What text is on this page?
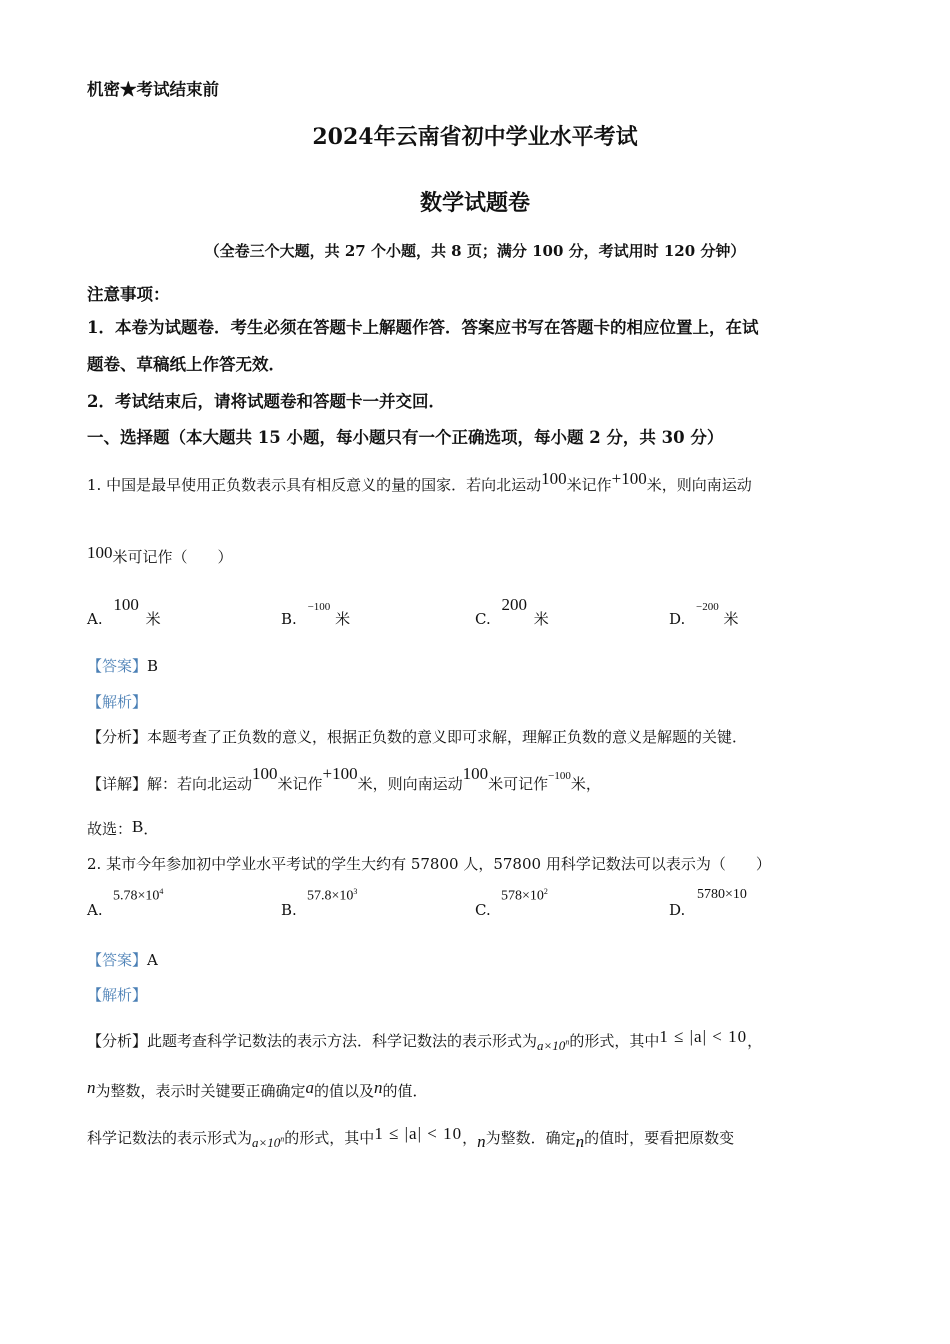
机密★考试结束前
2024年云南省初中学业水平考试
数学试题卷
（全卷三个大题，共 27 个小题，共 8 页；满分 100 分，考试用时 120 分钟）
注意事项：
1．本卷为试题卷．考生必须在答题卡上解题作答．答案应书写在答题卡的相应位置上，在试
题卷、草稿纸上作答无效．
2．考试结束后，请将试题卷和答题卡一并交回．
一、选择题（本大题共 15 小题，每小题只有一个正确选项，每小题 2 分，共 30 分）
1. 中国是最早使用正负数表示具有相反意义的量的国家．若向北运动100米记作+100米，则向南运动
100米可记作（　　）
A. 100 米	B. $^{-100}$ 米	C. 200 米	D. $^{-200}$ 米
【答案】B
【解析】
【分析】本题考查了正负数的意义，根据正负数的意义即可求解，理解正负数的意义是解题的关键．
【详解】解：若向北运动100米记作+100米，则向南运动100米可记作$^{-100}$米，
故选：B．
2. 某市今年参加初中学业水平考试的学生大约有 57800 人，57800 用科学记数法可以表示为（　　）
A.
$5.78\times 10^4$
B.
$57.8\times 10^3$
C.
$578\times 10^2$
D.
5780×10
【答案】A
【解析】
【分析】此题考查科学记数法的表示方法．科学记数法的表示形式为$a\times 10^n$的形式，其中1 ≤ |a| < 10，
n为整数，表示时关键要正确确定a的值以及n的值．
科学记数法的表示形式为$a\times 10^n$的形式，其中1 ≤ |a| < 10，n为整数．确定n的值时，要看把原数变
